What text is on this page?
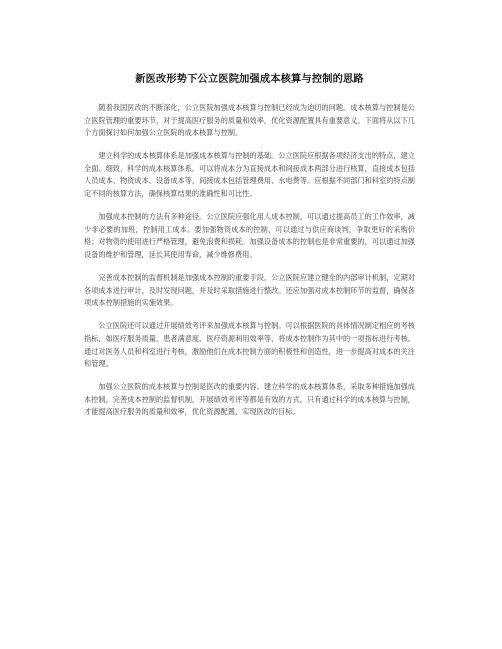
新医改形势下公立医院加强成本核算与控制的思路

随着我国医改的不断深化，公立医院加强成本核算与控制已经成为迫切的问题。成本核算与控制是公立医院管理的重要环节，对于提高医疗服务的质量和效率，优化资源配置具有重要意义。下面将从以下几个方面探讨如何加强公立医院的成本核算与控制。

建立科学的成本核算体系是加强成本核算与控制的基础。公立医院应根据各项经济支出的特点，建立全面、细致、科学的成本核算体系。可以将成本分为直接成本和间接成本两部分进行核算，直接成本包括人员成本、物资成本、设备成本等，间接成本包括管理费用、水电费等。应根据不同部门和科室的特点制定不同的核算方法，确保核算结果的准确性和可比性。

加强成本控制的方法有多种途径。公立医院应强化用人成本控制，可以通过提高员工的工作效率，减少非必要的加班，控制用工成本。要加强物资成本的控制，可以通过与供应商谈判，争取更好的采购价格；对物资的使用进行严格管理，避免浪费和损耗。加强设备成本的控制也是非常重要的，可以通过加强设备的维护和管理，延长其使用寿命，减少维修费用。

完善成本控制的监督机制是加强成本控制的重要手段。公立医院应建立健全的内部审计机制，定期对各项成本进行审计，及时发现问题，并及时采取措施进行整改。还应加强对成本控制环节的监督，确保各项成本控制措施的实施效果。

公立医院还可以通过开展绩效考评来加强成本核算与控制。可以根据医院的具体情况制定相应的考核指标，如医疗服务质量、患者满意度、医疗资源利用效率等，将成本控制作为其中的一项指标进行考核。通过对医务人员和科室进行考核，激励他们在成本控制方面的积极性和创造性，进一步提高对成本的关注和管理。

加强公立医院的成本核算与控制是医改的重要内容。建立科学的成本核算体系，采取多种措施加强成本控制，完善成本控制的监督机制，开展绩效考评等都是有效的方式。只有通过科学的成本核算与控制，才能提高医疗服务的质量和效率，优化资源配置，实现医改的目标。
